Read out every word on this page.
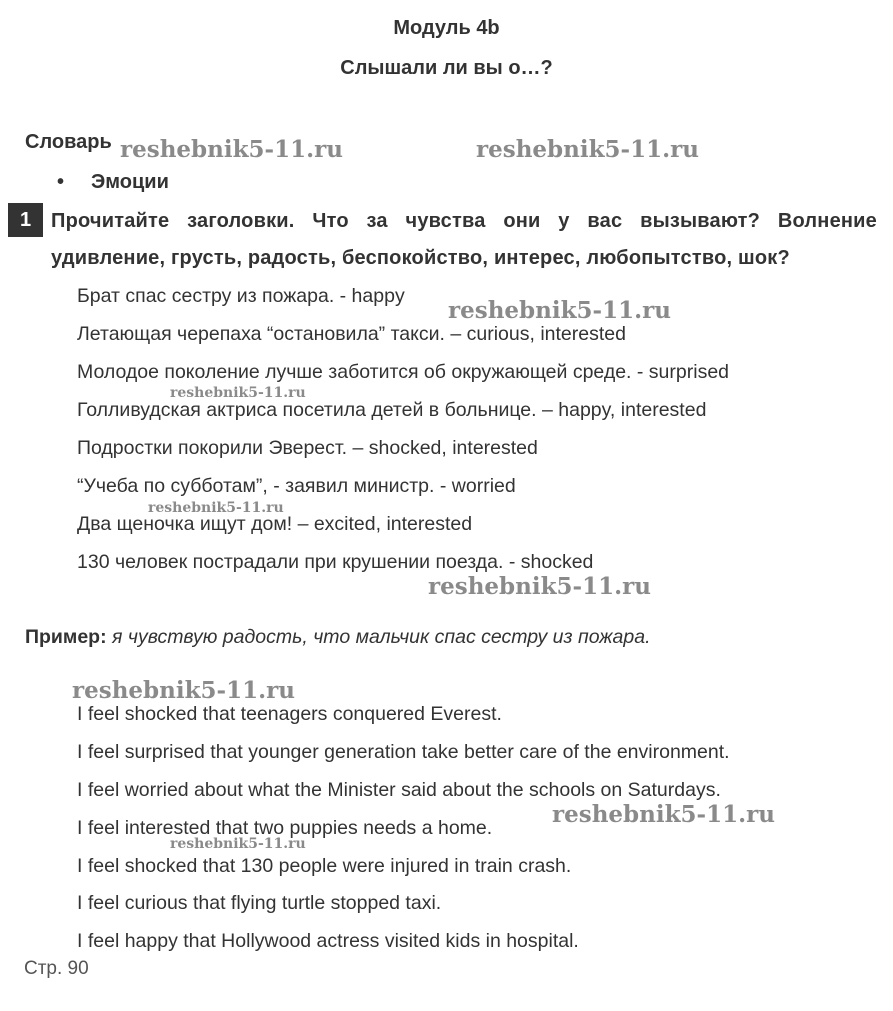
Модуль 4b
Слышали ли вы о…?
Словарь
• Эмоции
1 Прочитайте заголовки. Что за чувства они у вас вызывают? Волнение
удивление, грусть, радость, беспокойство, интерес, любопытство, шок?
Брат спас сестру из пожара. - happy
Летающая черепаха “остановила” такси. – curious, interested
Молодое поколение лучше заботится об окружающей среде. - surprised
Голливудская актриса посетила детей в больнице. – happy, interested
Подростки покорили Эверест. – shocked, interested
“Учеба по субботам”, - заявил министр. - worried
Два щеночка ищут дом! – excited, interested
130 человек пострадали при крушении поезда. - shocked
Пример: я чувствую радость, что мальчик спас сестру из пожара.
I feel shocked that teenagers conquered Everest.
I feel surprised that younger generation take better care of the environment.
I feel worried about what the Minister said about the schools on Saturdays.
I feel interested that two puppies needs a home.
I feel shocked that 130 people were injured in train crash.
I feel curious that flying turtle stopped taxi.
I feel happy that Hollywood actress visited kids in hospital.
Стр. 90
reshebnik5-11.ru	reshebnik5-11.ru
reshebnik5-11.ru
reshebnik5-11.ru
reshebnik5-11.ru
reshebnik5-11.ru
reshebnik5-11.ru
reshebnik5-11.ru
reshebnik5-11.ru
